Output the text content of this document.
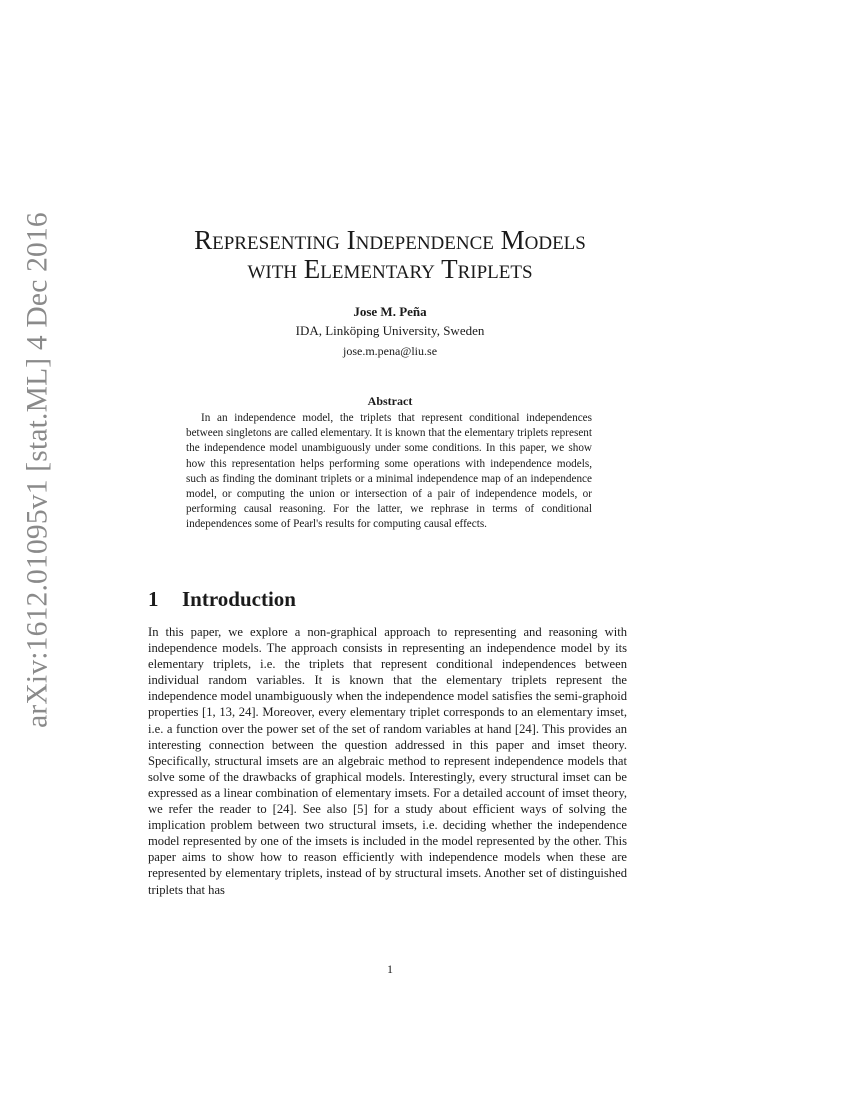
arXiv:1612.01095v1 [stat.ML] 4 Dec 2016	Representing Independence Models
with Elementary Triplets
Jose M. Peña
IDA, Linköping University, Sweden
jose.m.pena@liu.se
Abstract

In an independence model, the triplets that represent conditional independences between singletons are called elementary. It is known that the elementary triplets represent the independence model unambiguously under some conditions. In this paper, we show how this representation helps performing some operations with independence models, such as finding the dominant triplets or a minimal independence map of an independence model, or computing the union or intersection of a pair of independence models, or performing causal reasoning. For the latter, we rephrase in terms of conditional independences some of Pearl's results for computing causal effects.

1 Introduction

In this paper, we explore a non-graphical approach to representing and reasoning with independence models. The approach consists in representing an independence model by its elementary triplets, i.e. the triplets that represent conditional independences between individual random variables. It is known that the elementary triplets represent the independence model unambiguously when the independence model satisfies the semi-graphoid properties [1, 13, 24]. Moreover, every elementary triplet corresponds to an elementary imset, i.e. a function over the power set of the set of random variables at hand [24]. This provides an interesting connection between the question addressed in this paper and imset theory. Specifically, structural imsets are an algebraic method to represent independence models that solve some of the drawbacks of graphical models. Interestingly, every structural imset can be expressed as a linear combination of elementary imsets. For a detailed account of imset theory, we refer the reader to [24]. See also [5] for a study about efficient ways of solving the implication problem between two structural imsets, i.e. deciding whether the independence model represented by one of the imsets is included in the model represented by the other. This paper aims to show how to reason efficiently with independence models when these are represented by elementary triplets, instead of by structural imsets. Another set of distinguished triplets that has

1
